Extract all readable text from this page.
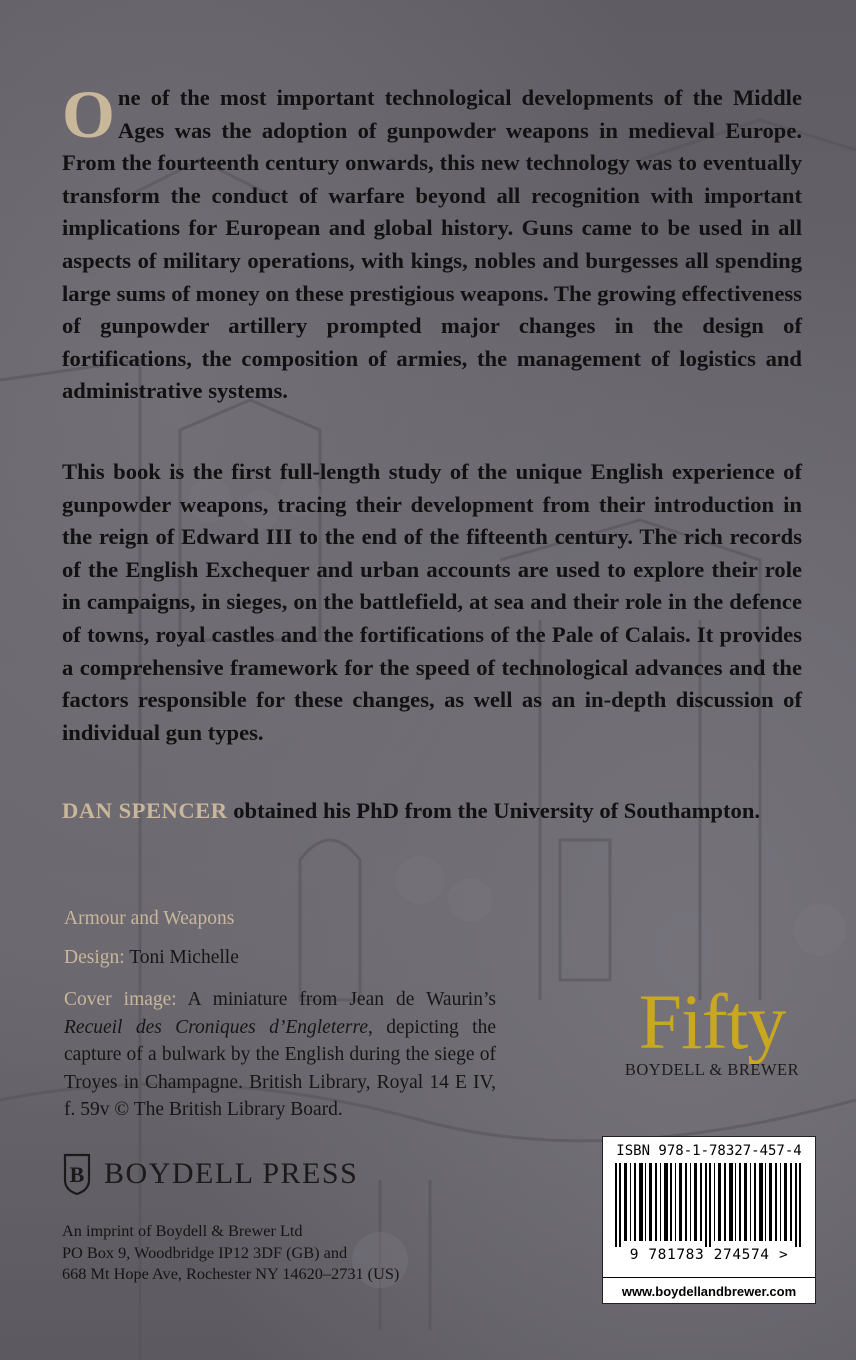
One of the most important technological developments of the Middle Ages was the adoption of gunpowder weapons in medieval Europe. From the fourteenth century onwards, this new technology was to eventually transform the conduct of warfare beyond all recognition with important implications for European and global history. Guns came to be used in all aspects of military operations, with kings, nobles and burgesses all spending large sums of money on these prestigious weapons. The growing effectiveness of gunpowder artillery prompted major changes in the design of fortifications, the composition of armies, the management of logistics and administrative systems.
This book is the first full-length study of the unique English experience of gunpowder weapons, tracing their development from their introduction in the reign of Edward III to the end of the fifteenth century. The rich records of the English Exchequer and urban accounts are used to explore their role in campaigns, in sieges, on the battlefield, at sea and their role in the defence of towns, royal castles and the fortifications of the Pale of Calais. It provides a comprehensive framework for the speed of technological advances and the factors responsible for these changes, as well as an in-depth discussion of individual gun types.
DAN SPENCER obtained his PhD from the University of Southampton.
Armour and Weapons
Design: Toni Michelle
Cover image: A miniature from Jean de Waurin’s Recueil des Croniques d’Engleterre, depicting the capture of a bulwark by the English during the siege of Troyes in Champagne. British Library, Royal 14 E IV, f. 59v © The British Library Board.
B BOYDELL PRESS
An imprint of Boydell & Brewer Ltd
PO Box 9, Woodbridge IP12 3DF (GB) and
668 Mt Hope Ave, Rochester NY 14620–2731 (US)
Fifty
BOYDELL & BREWER
ISBN 978-1-78327-457-4
9 781783 274574 >
www.boydellandbrewer.com
